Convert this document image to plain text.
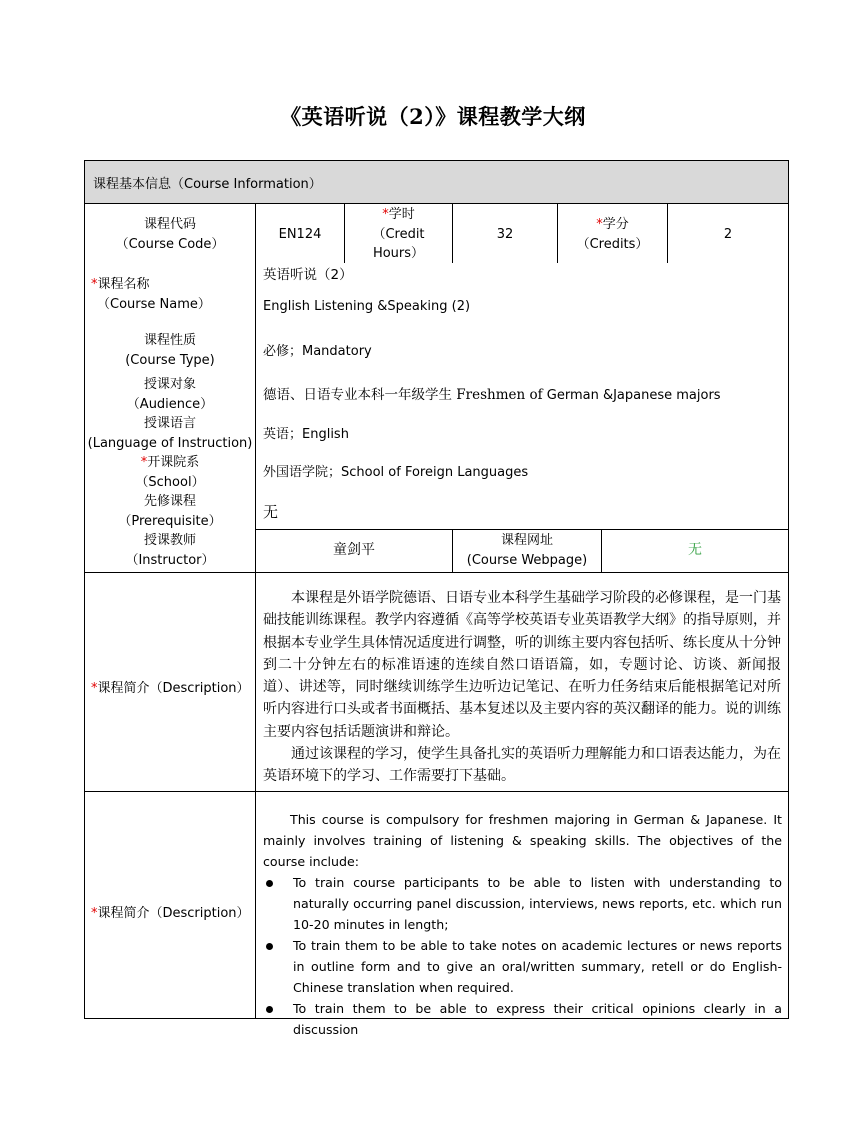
《英语听说（2）》课程教学大纲
课程基本信息（Course Information）
课程代码
（Course Code）
EN124
*学时
（Credit
Hours）
32
*学分
（Credits）
2
*课程名称
（Course Name）
英语听说（2）
English Listening &Speaking (2)
课程性质
(Course Type)
必修；Mandatory
授课对象
（Audience）
德语、日语专业本科一年级学生 Freshmen of German &Japanese majors
授课语言
(Language of Instruction)
英语；English
*开课院系
（School）
外国语学院；School of Foreign Languages
先修课程
（Prerequisite）	无
授课教师
（Instructor）
童剑平
课程网址
(Course Webpage)
无
*课程简介（Description）

本课程是外语学院德语、日语专业本科学生基础学习阶段的必修课程，是一门基础技能训练课程。教学内容遵循《高等学校英语专业英语教学大纲》的指导原则，并根据本专业学生具体情况适度进行调整，听的训练主要内容包括听、练长度从十分钟到二十分钟左右的标准语速的连续自然口语语篇，如，专题讨论、访谈、新闻报道）、讲述等，同时继续训练学生边听边记笔记、在听力任务结束后能根据笔记对所听内容进行口头或者书面概括、基本复述以及主要内容的英汉翻译的能力。说的训练主要内容包括话题演讲和辩论。

通过该课程的学习，使学生具备扎实的英语听力理解能力和口语表达能力，为在英语环境下的学习、工作需要打下基础。

*课程简介（Description）

This course is compulsory for freshmen majoring in German & Japanese. It mainly involves training of listening & speaking skills. The objectives of the course include:

To train course participants to be able to listen with understanding to naturally occurring panel discussion, interviews, news reports, etc. which run 10-20 minutes in length;
To train them to be able to take notes on academic lectures or news reports in outline form and to give an oral/written summary, retell or do English-Chinese translation when required.
To train them to be able to express their critical opinions clearly in a discussion
